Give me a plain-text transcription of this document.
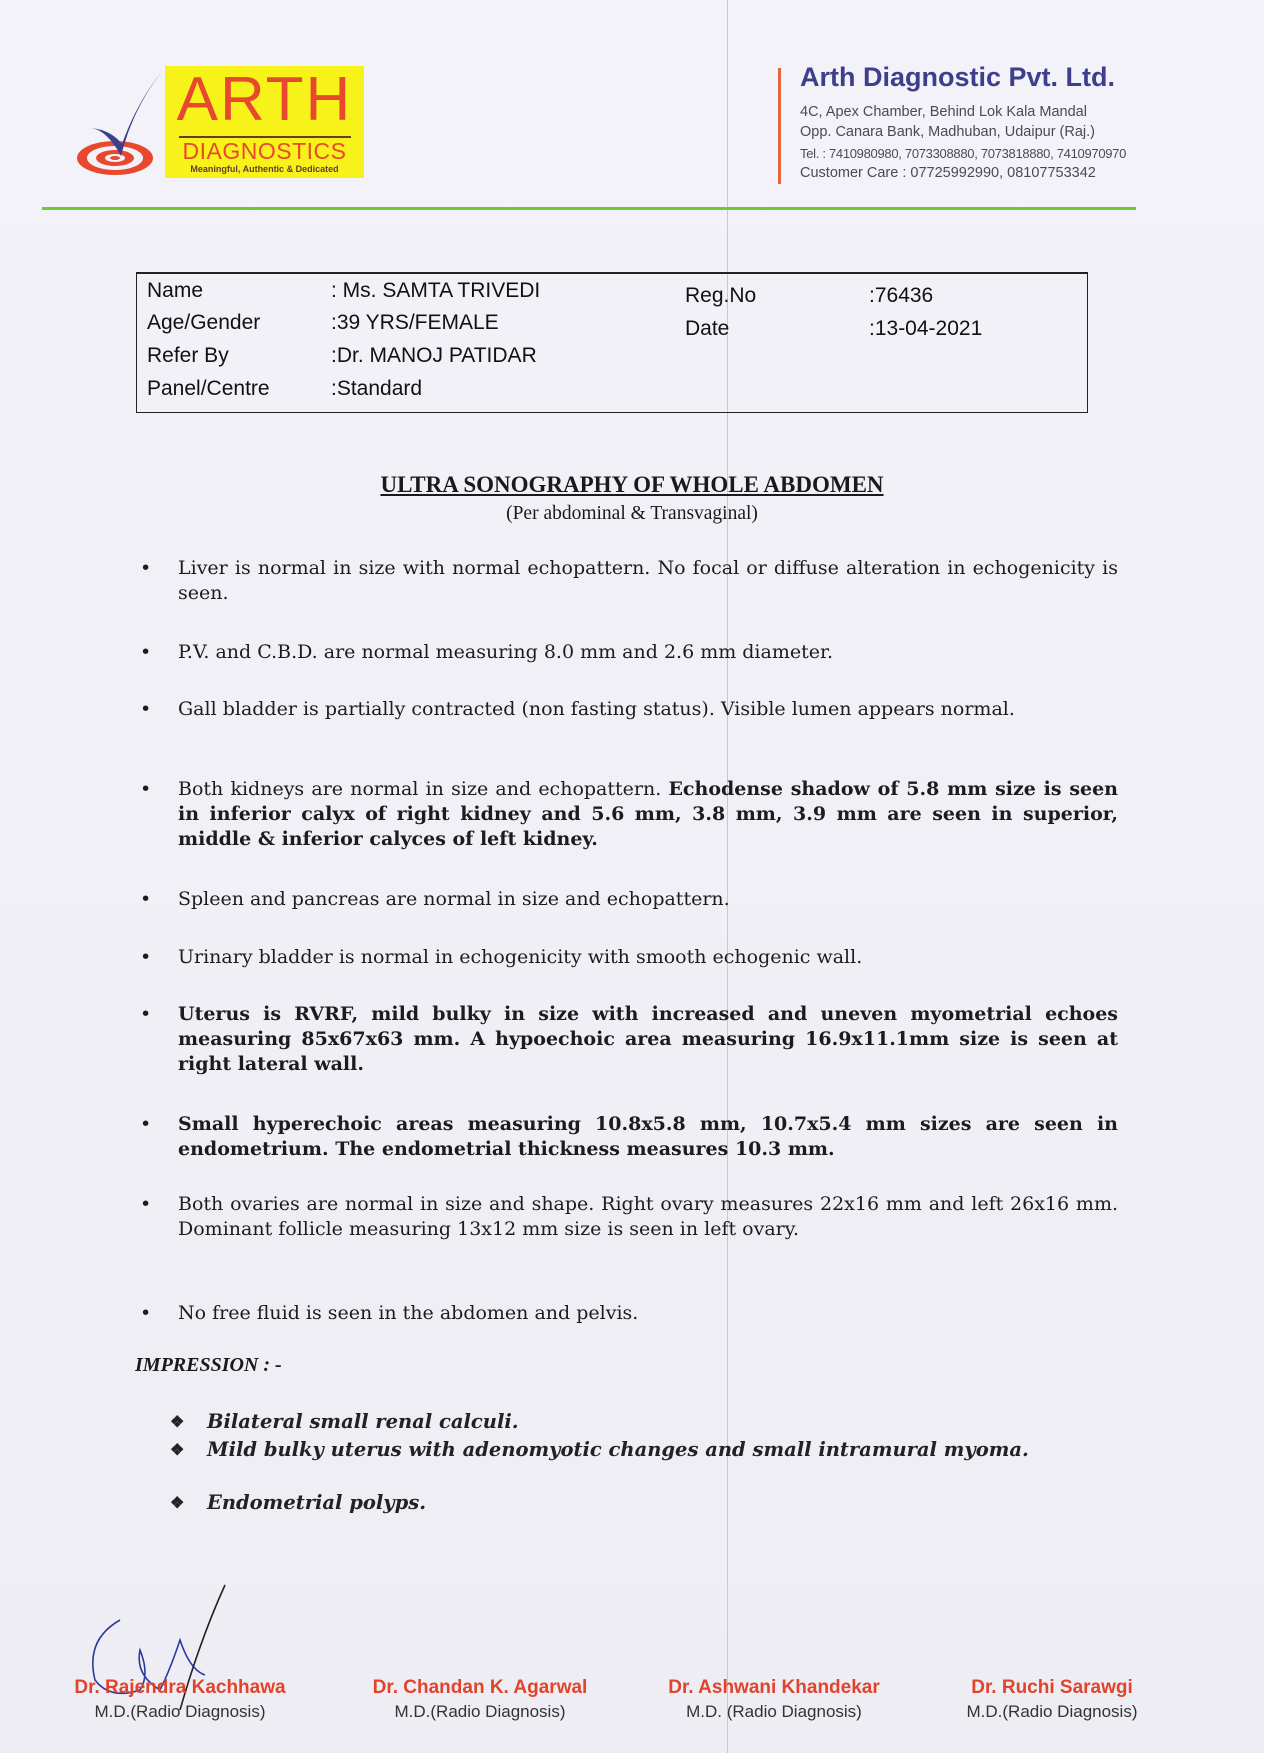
ARTH
DIAGNOSTICS
Meaningful, Authentic & Dedicated
Arth Diagnostic Pvt. Ltd.
4C, Apex Chamber, Behind Lok Kala Mandal
Opp. Canara Bank, Madhuban, Udaipur (Raj.)
Tel. : 7410980980, 7073308880, 7073818880, 7410970970
Customer Care : 07725992990, 08107753342
Name	: Ms. SAMTA TRIVEDI
Age/Gender	:39 YRS/FEMALE
Refer By	:Dr. MANOJ PATIDAR
Panel/Centre	:Standard
Reg.No	:76436
Date	:13-04-2021
ULTRA SONOGRAPHY OF WHOLE ABDOMEN
(Per abdominal & Transvaginal)
•	Liver is normal in size with normal echopattern. No focal or diffuse alteration in echogenicity is seen.
•	P.V. and C.B.D. are normal measuring 8.0 mm and 2.6 mm diameter.
•	Gall bladder is partially contracted (non fasting status). Visible lumen appears normal.
•	Both kidneys are normal in size and echopattern. Echodense shadow of 5.8 mm size is seen in inferior calyx of right kidney and 5.6 mm, 3.8 mm, 3.9 mm are seen in superior, middle & inferior calyces of left kidney.
•	Spleen and pancreas are normal in size and echopattern.
•	Urinary bladder is normal in echogenicity with smooth echogenic wall.
•	Uterus is RVRF, mild bulky in size with increased and uneven myometrial echoes measuring 85x67x63 mm. A hypoechoic area measuring 16.9x11.1mm size is seen at right lateral wall.
•	Small hyperechoic areas measuring 10.8x5.8 mm, 10.7x5.4 mm sizes are seen in endometrium. The endometrial thickness measures 10.3 mm.
•	Both ovaries are normal in size and shape. Right ovary measures 22x16 mm and left 26x16 mm. Dominant follicle measuring 13x12 mm size is seen in left ovary.
•	No free fluid is seen in the abdomen and pelvis.
IMPRESSION : -
❖ Bilateral small renal calculi.
❖ Mild bulky uterus with adenomyotic changes and small intramural myoma.
❖ Endometrial polyps.
Dr. Rajendra Kachhawa
M.D.(Radio Diagnosis)
Dr. Chandan K. Agarwal
M.D.(Radio Diagnosis)
Dr. Ashwani Khandekar
M.D. (Radio Diagnosis)
Dr. Ruchi Sarawgi
M.D.(Radio Diagnosis)
